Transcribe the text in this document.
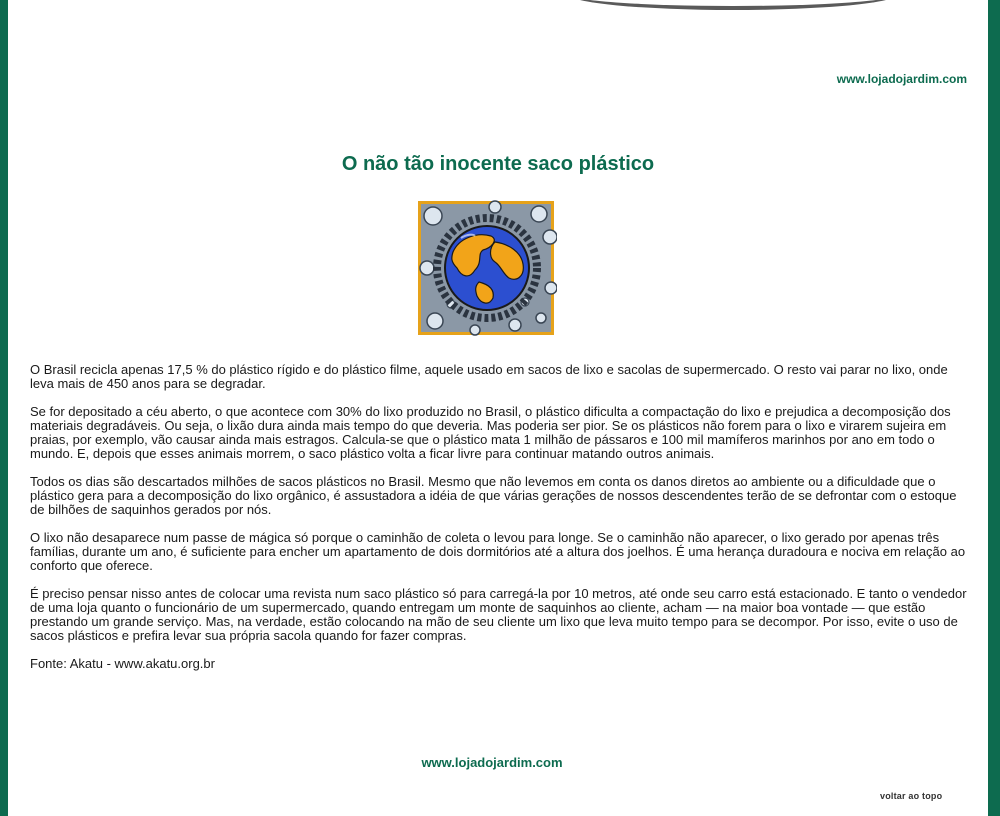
www.lojadojardim.com
O não tão inocente saco plástico

O Brasil recicla apenas 17,5 % do plástico rígido e do plástico filme, aquele usado em sacos de lixo e sacolas de supermercado. O resto vai parar no lixo, onde leva mais de 450 anos para se degradar.

Se for depositado a céu aberto, o que acontece com 30% do lixo produzido no Brasil, o plástico dificulta a compactação do lixo e prejudica a decomposição dos materiais degradáveis. Ou seja, o lixão dura ainda mais tempo do que deveria. Mas poderia ser pior. Se os plásticos não forem para o lixo e virarem sujeira em praias, por exemplo, vão causar ainda mais estragos. Calcula-se que o plástico mata 1 milhão de pássaros e 100 mil mamíferos marinhos por ano em todo o mundo. E, depois que esses animais morrem, o saco plástico volta a ficar livre para continuar matando outros animais.

Todos os dias são descartados milhões de sacos plásticos no Brasil. Mesmo que não levemos em conta os danos diretos ao ambiente ou a dificuldade que o plástico gera para a decomposição do lixo orgânico, é assustadora a idéia de que várias gerações de nossos descendentes terão de se defrontar com o estoque de bilhões de saquinhos gerados por nós.

O lixo não desaparece num passe de mágica só porque o caminhão de coleta o levou para longe. Se o caminhão não aparecer, o lixo gerado por apenas três famílias, durante um ano, é suficiente para encher um apartamento de dois dormitórios até a altura dos joelhos. É uma herança duradoura e nociva em relação ao conforto que oferece.

É preciso pensar nisso antes de colocar uma revista num saco plástico só para carregá-la por 10 metros, até onde seu carro está estacionado. E tanto o vendedor de uma loja quanto o funcionário de um supermercado, quando entregam um monte de saquinhos ao cliente, acham — na maior boa vontade — que estão prestando um grande serviço. Mas, na verdade, estão colocando na mão de seu cliente um lixo que leva muito tempo para se decompor. Por isso, evite o uso de sacos plásticos e prefira levar sua própria sacola quando for fazer compras.

Fonte: Akatu - www.akatu.org.br

www.lojadojardim.com
voltar ao topo
